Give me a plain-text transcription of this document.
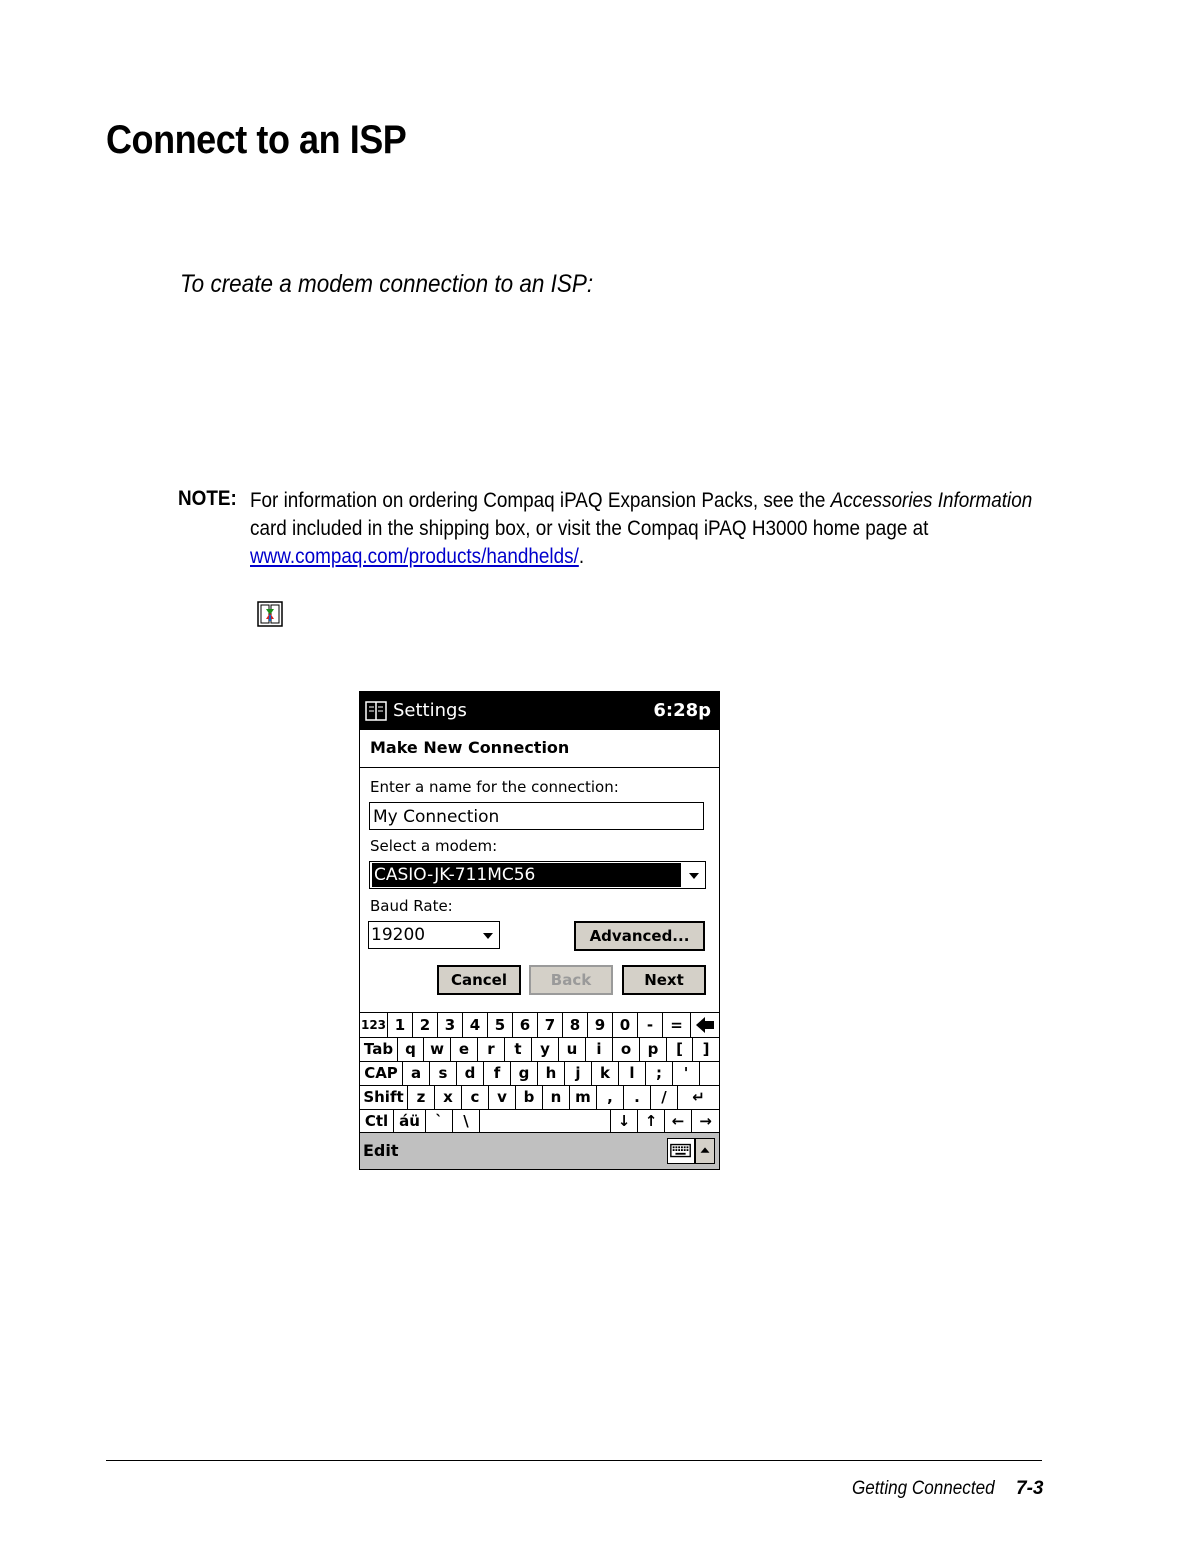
Connect to an ISP
To create a modem connection to an ISP:
NOTE: For information on ordering Compaq iPAQ Expansion Packs, see the Accessories Information card included in the shipping box, or visit the Compaq iPAQ H3000 home page at www.compaq.com/products/handhelds/.
Settings	6:28p
Make New Connection
Enter a name for the connection:
My Connection
Select a modem:
CASIO-JK-711MC56
Baud Rate:
19200	Advanced...
Cancel	Back	Next
123 1 2 3 4 5 6 7 8 9 0	-	=
Tab q w e	r	t	y	u	i	o	p	[	]
CAP a	s	d	f	g	h	j	k	l	;	'
Shift z	x	c	v	b	n m	,	.	/	↵
Ctl áü	`	\	↓ ↑ ← →
Edit
Getting Connected 7-3
